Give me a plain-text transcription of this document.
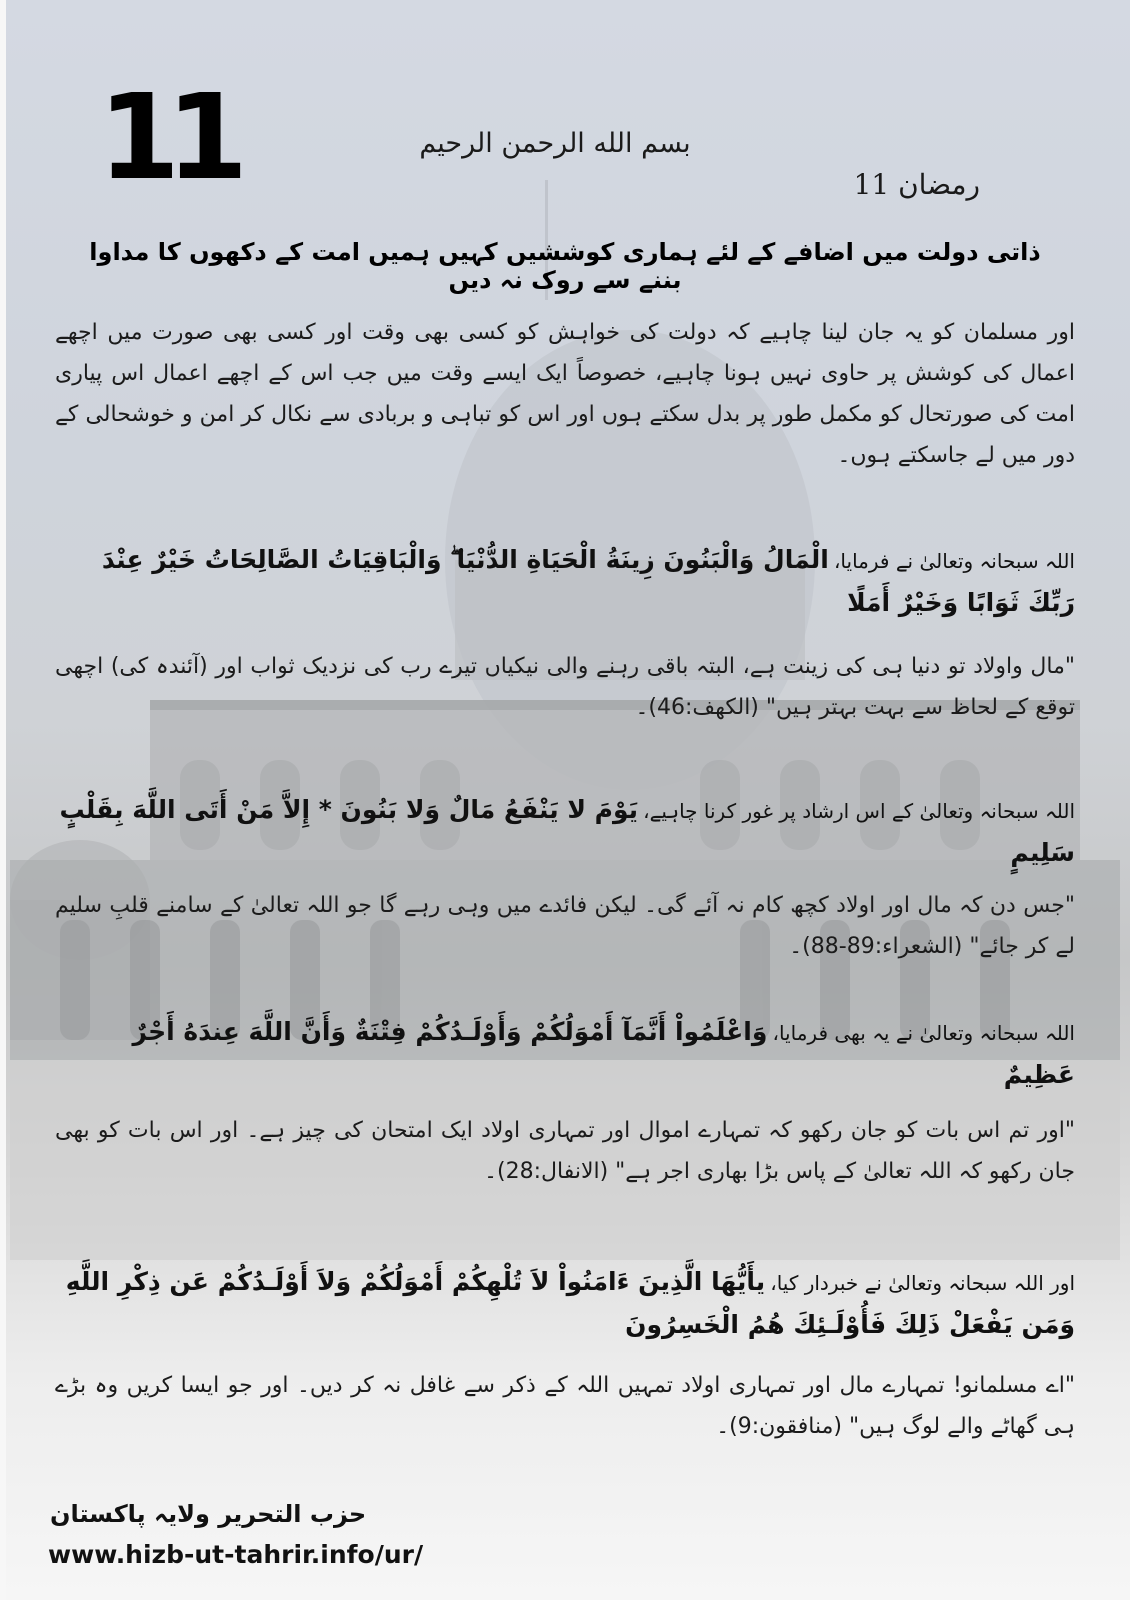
11	بسم الله الرحمن الرحيم
رمضان 11
ذاتی دولت میں اضافے کے لئے ہماری کوششیں کہیں ہمیں امت کے دکھوں کا مداوا بننے سے روک نہ دیں
اور مسلمان کو یہ جان لینا چاہیے کہ دولت کی خواہش کو کسی بھی وقت اور کسی بھی صورت میں اچھے اعمال کی کوشش پر حاوی نہیں ہونا چاہیے، خصوصاً ایک ایسے وقت میں جب اس کے اچھے اعمال اس پیاری امت کی صورتحال کو مکمل طور پر بدل سکتے ہوں اور اس کو تباہی و بربادی سے نکال کر امن و خوشحالی کے دور میں لے جاسکتے ہوں۔
اللہ سبحانہ وتعالیٰ نے فرمایا، الْمَالُ وَالْبَنُونَ زِينَةُ الْحَيَاةِ الدُّنْيَا ۖ وَالْبَاقِيَاتُ الصَّالِحَاتُ خَيْرٌ عِنْدَ رَبِّكَ ثَوَابًا وَخَيْرٌ أَمَلًا
"مال واولاد تو دنیا ہی کی زینت ہے، البتہ باقی رہنے والی نیکیاں تیرے رب کی نزدیک ثواب اور (آئندہ کی) اچھی توقع کے لحاظ سے بہت بہتر ہیں" (الکھف:46)۔
اللہ سبحانہ وتعالیٰ کے اس ارشاد پر غور کرنا چاہیے، يَوْمَ لا يَنْفَعُ مَالٌ وَلا بَنُونَ * إِلاَّ مَنْ أَتَى اللَّهَ بِقَلْبٍ سَلِيمٍ
"جس دن کہ مال اور اولاد کچھ کام نہ آئے گی۔ لیکن فائدے میں وہی رہے گا جو اللہ تعالیٰ کے سامنے قلبِ سلیم لے کر جائے" (الشعراء:89-88)۔
اللہ سبحانہ وتعالیٰ نے یہ بھی فرمایا، وَاعْلَمُواْ أَنَّمَآ أَمْوَلُكُمْ وَأَوْلَـدُكُمْ فِتْنَةٌ وَأَنَّ اللَّهَ عِندَهُ أَجْرٌ عَظِيمٌ
"اور تم اس بات کو جان رکھو کہ تمہارے اموال اور تمہاری اولاد ایک امتحان کی چیز ہے۔ اور اس بات کو بھی جان رکھو کہ اللہ تعالیٰ کے پاس بڑا بھاری اجر ہے" (الانفال:28)۔
اور اللہ سبحانہ وتعالیٰ نے خبردار کیا، يأَيُّهَا الَّذِينَ ءَامَنُواْ لاَ تُلْهِكُمْ أَمْوَلُكُمْ وَلاَ أَوْلَـدُكُمْ عَن ذِكْرِ اللَّهِ وَمَن يَفْعَلْ ذَلِكَ فَأُوْلَـئِكَ هُمُ الْخَسِرُونَ
"اے مسلمانو! تمہارے مال اور تمہاری اولاد تمہیں اللہ کے ذکر سے غافل نہ کر دیں۔ اور جو ایسا کریں وہ بڑے ہی گھاٹے والے لوگ ہیں" (منافقون:9)۔
حزب التحریر ولایہ پاکستان
www.hizb-ut-tahrir.info/ur/
